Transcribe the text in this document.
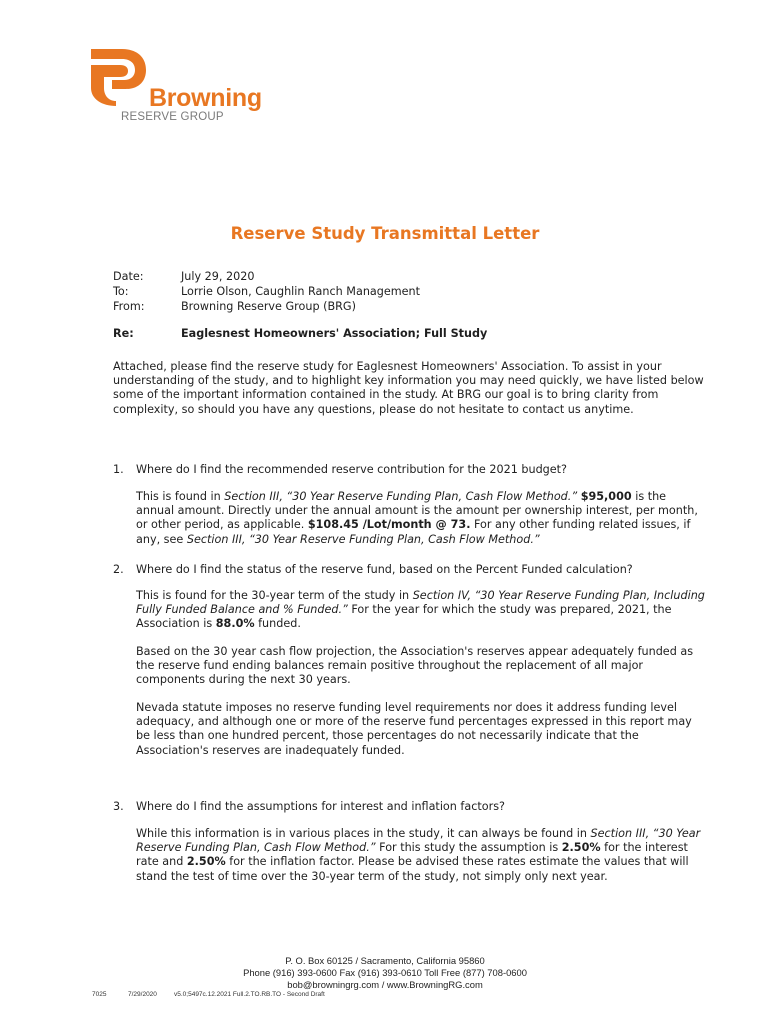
Browning
RESERVE GROUP
Reserve Study Transmittal Letter
Date:	July 29, 2020
To:	Lorrie Olson, Caughlin Ranch Management
From:	Browning Reserve Group (BRG)
Re:	Eaglesnest Homeowners' Association; Full Study
Attached, please find the reserve study for Eaglesnest Homeowners' Association. To assist in your understanding of the study, and to highlight key information you may need quickly, we have listed below some of the important information contained in the study. At BRG our goal is to bring clarity from complexity, so should you have any questions, please do not hesitate to contact us anytime.
1. Where do I find the recommended reserve contribution for the 2021 budget?
This is found in Section III, “30 Year Reserve Funding Plan, Cash Flow Method.” $95,000 is the annual amount. Directly under the annual amount is the amount per ownership interest, per month, or other period, as applicable. $108.45 /Lot/month @ 73. For any other funding related issues, if any, see Section III, “30 Year Reserve Funding Plan, Cash Flow Method.”
2. Where do I find the status of the reserve fund, based on the Percent Funded calculation?
This is found for the 30-year term of the study in Section IV, “30 Year Reserve Funding Plan, Including Fully Funded Balance and % Funded.” For the year for which the study was prepared, 2021, the Association is 88.0% funded.
Based on the 30 year cash flow projection, the Association's reserves appear adequately funded as the reserve fund ending balances remain positive throughout the replacement of all major components during the next 30 years.
Nevada statute imposes no reserve funding level requirements nor does it address funding level adequacy, and although one or more of the reserve fund percentages expressed in this report may be less than one hundred percent, those percentages do not necessarily indicate that the Association's reserves are inadequately funded.
3. Where do I find the assumptions for interest and inflation factors?
While this information is in various places in the study, it can always be found in Section III, “30 Year Reserve Funding Plan, Cash Flow Method.” For this study the assumption is 2.50% for the interest rate and 2.50% for the inflation factor. Please be advised these rates estimate the values that will stand the test of time over the 30-year term of the study, not simply only next year.
P. O. Box 60125 / Sacramento, California 95860
Phone (916) 393-0600 Fax (916) 393-0610 Toll Free (877) 708-0600
bob@browningrg.com / www.BrowningRG.com
7025	7/29/2020	v5.0;5497c.12.2021 Full.2.TO.RB.TO - Second Draft
